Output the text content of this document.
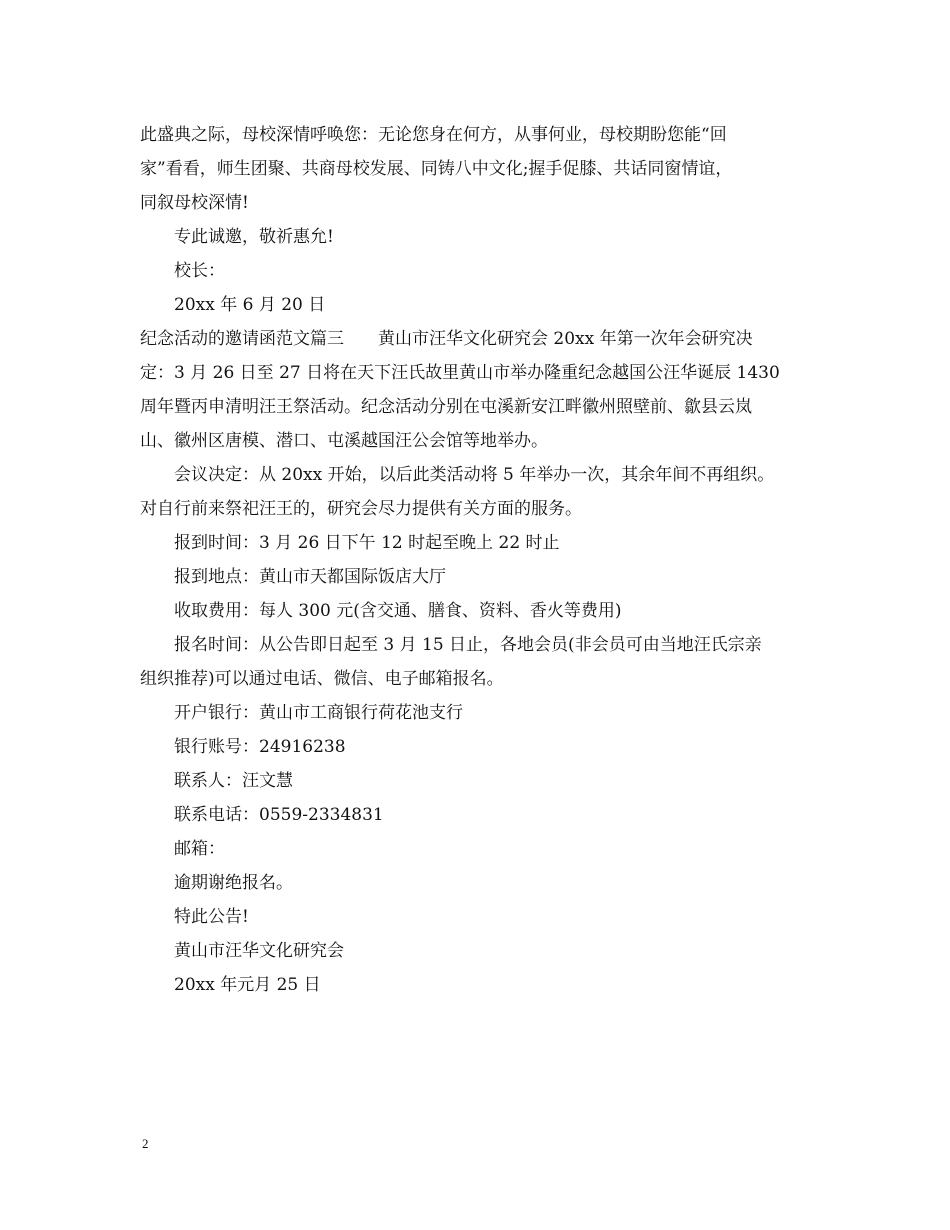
此盛典之际，母校深情呼唤您：无论您身在何方，从事何业，母校期盼您能“回
家”看看，师生团聚、共商母校发展、同铸八中文化;握手促膝、共话同窗情谊，
同叙母校深情!
专此诚邀，敬祈惠允!
校长：
20xx 年 6 月 20 日
纪念活动的邀请函范文篇三　　黄山市汪华文化研究会 20xx 年第一次年会研究决
定：3 月 26 日至 27 日将在天下汪氏故里黄山市举办隆重纪念越国公汪华诞辰 1430
周年暨丙申清明汪王祭活动。纪念活动分别在屯溪新安江畔徽州照壁前、歙县云岚
山、徽州区唐模、潜口、屯溪越国汪公会馆等地举办。
会议决定：从 20xx 开始，以后此类活动将 5 年举办一次，其余年间不再组织。
对自行前来祭祀汪王的，研究会尽力提供有关方面的服务。
报到时间：3 月 26 日下午 12 时起至晚上 22 时止
报到地点：黄山市天都国际饭店大厅
收取费用：每人 300 元(含交通、膳食、资料、香火等费用)
报名时间：从公告即日起至 3 月 15 日止，各地会员(非会员可由当地汪氏宗亲
组织推荐)可以通过电话、微信、电子邮箱报名。
开户银行：黄山市工商银行荷花池支行
银行账号：24916238
联系人：汪文慧
联系电话：0559-2334831
邮箱：
逾期谢绝报名。
特此公告!
黄山市汪华文化研究会
20xx 年元月 25 日
2
